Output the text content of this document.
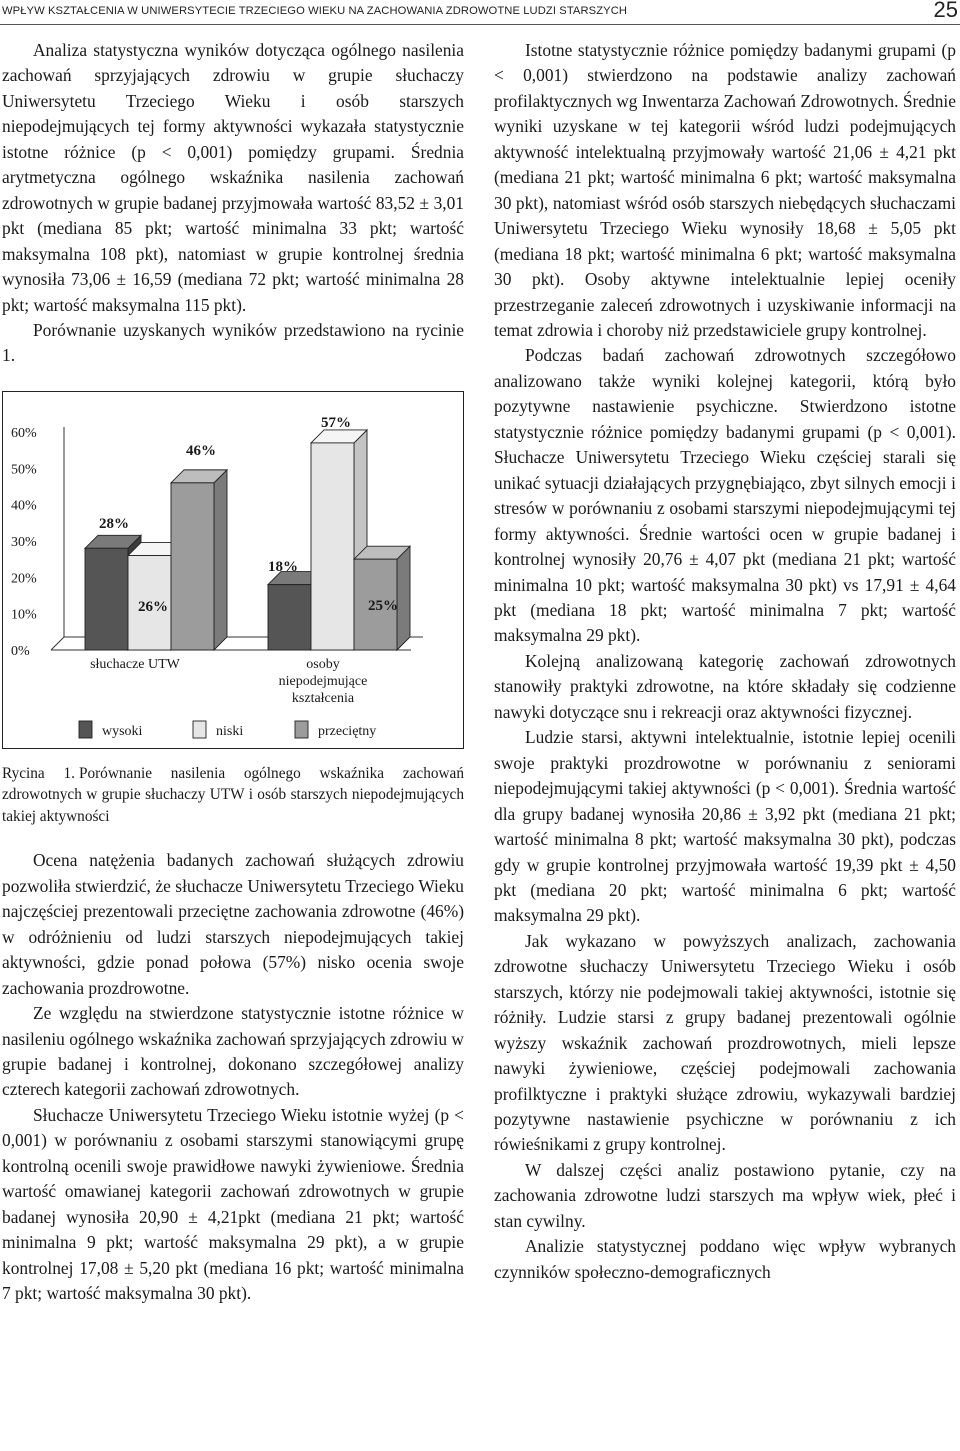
WPŁYW KSZTAŁCENIA W UNIWERSYTECIE TRZECIEGO WIEKU NA ZACHOWANIA ZDROWOTNE LUDZI STARSZYCH	25

Analiza statystyczna wyników dotycząca ogólnego nasilenia zachowań sprzyjających zdrowiu w grupie słuchaczy Uniwersytetu Trzeciego Wieku i osób starszych niepodejmujących tej formy aktywności wykazała statystycznie istotne różnice (p < 0,001) pomiędzy grupami. Średnia arytmetyczna ogólnego wskaźnika nasilenia zachowań zdrowotnych w grupie badanej przyjmowała wartość 83,52 ± 3,01 pkt (mediana 85 pkt; wartość minimalna 33 pkt; wartość maksymalna 108 pkt), natomiast w grupie kontrolnej średnia wynosiła 73,06 ± 16,59 (mediana 72 pkt; wartość minimalna 28 pkt; wartość maksymalna 115 pkt).

Porównanie uzyskanych wyników przedstawiono na rycinie 1.

0%
10%
20%
30%
40%
50%
60%
28%
18%
26%
57%
46%
25%
słuchacze UTW	osoby
niepodejmujące
kształcenia
wysoki	niski	przeciętny
Rycina 1. Porównanie nasilenia ogólnego wskaźnika zachowań zdrowotnych w grupie słuchaczy UTW i osób starszych niepodejmujących takiej aktywności

Ocena natężenia badanych zachowań służących zdrowiu pozwoliła stwierdzić, że słuchacze Uniwersytetu Trzeciego Wieku najczęściej prezentowali przeciętne zachowania zdrowotne (46%) w odróżnieniu od ludzi starszych niepodejmujących takiej aktywności, gdzie ponad połowa (57%) nisko ocenia swoje zachowania prozdrowotne.

Ze względu na stwierdzone statystycznie istotne różnice w nasileniu ogólnego wskaźnika zachowań sprzyjających zdrowiu w grupie badanej i kontrolnej, dokonano szczegółowej analizy czterech kategorii zachowań zdrowotnych.

Słuchacze Uniwersytetu Trzeciego Wieku istotnie wyżej (p < 0,001) w porównaniu z osobami starszymi stanowiącymi grupę kontrolną ocenili swoje prawidłowe nawyki żywieniowe. Średnia wartość omawianej kategorii zachowań zdrowotnych w grupie badanej wynosiła 20,90 ± 4,21pkt (mediana 21 pkt; wartość minimalna 9 pkt; wartość maksymalna 29 pkt), a w grupie kontrolnej 17,08 ± 5,20 pkt (mediana 16 pkt; wartość minimalna 7 pkt; wartość maksymalna 30 pkt).

Istotne statystycznie różnice pomiędzy badanymi grupami (p < 0,001) stwierdzono na podstawie analizy zachowań profilaktycznych wg Inwentarza Zachowań Zdrowotnych. Średnie wyniki uzyskane w tej kategorii wśród ludzi podejmujących aktywność intelektualną przyjmowały wartość 21,06 ± 4,21 pkt (mediana 21 pkt; wartość minimalna 6 pkt; wartość maksymalna 30 pkt), natomiast wśród osób starszych niebędących słuchaczami Uniwersytetu Trzeciego Wieku wynosiły 18,68 ± 5,05 pkt (mediana 18 pkt; wartość minimalna 6 pkt; wartość maksymalna 30 pkt). Osoby aktywne intelektualnie lepiej oceniły przestrzeganie zaleceń zdrowotnych i uzyskiwanie informacji na temat zdrowia i choroby niż przedstawiciele grupy kontrolnej.

Podczas badań zachowań zdrowotnych szczegółowo analizowano także wyniki kolejnej kategorii, którą było pozytywne nastawienie psychiczne. Stwierdzono istotne statystycznie różnice pomiędzy badanymi grupami (p < 0,001). Słuchacze Uniwersytetu Trzeciego Wieku częściej starali się unikać sytuacji działających przygnębiająco, zbyt silnych emocji i stresów w porównaniu z osobami starszymi niepodejmującymi tej formy aktywności. Średnie wartości ocen w grupie badanej i kontrolnej wynosiły 20,76 ± 4,07 pkt (mediana 21 pkt; wartość minimalna 10 pkt; wartość maksymalna 30 pkt) vs 17,91 ± 4,64 pkt (mediana 18 pkt; wartość minimalna 7 pkt; wartość maksymalna 29 pkt).

Kolejną analizowaną kategorię zachowań zdrowotnych stanowiły praktyki zdrowotne, na które składały się codzienne nawyki dotyczące snu i rekreacji oraz aktywności fizycznej.

Ludzie starsi, aktywni intelektualnie, istotnie lepiej ocenili swoje praktyki prozdrowotne w porównaniu z seniorami niepodejmującymi takiej aktywności (p < 0,001). Średnia wartość dla grupy badanej wynosiła 20,86 ± 3,92 pkt (mediana 21 pkt; wartość minimalna 8 pkt; wartość maksymalna 30 pkt), podczas gdy w grupie kontrolnej przyjmowała wartość 19,39 pkt ± 4,50 pkt (mediana 20 pkt; wartość minimalna 6 pkt; wartość maksymalna 29 pkt).

Jak wykazano w powyższych analizach, zachowania zdrowotne słuchaczy Uniwersytetu Trzeciego Wieku i osób starszych, którzy nie podejmowali takiej aktywności, istotnie się różniły. Ludzie starsi z grupy badanej prezentowali ogólnie wyższy wskaźnik zachowań prozdrowotnych, mieli lepsze nawyki żywieniowe, częściej podejmowali zachowania profilktyczne i praktyki służące zdrowiu, wykazywali bardziej pozytywne nastawienie psychiczne w porównaniu z ich rówieśnikami z grupy kontrolnej.

W dalszej części analiz postawiono pytanie, czy na zachowania zdrowotne ludzi starszych ma wpływ wiek, płeć i stan cywilny.

Analizie statystycznej poddano więc wpływ wybranych czynników społeczno-demograficznych
